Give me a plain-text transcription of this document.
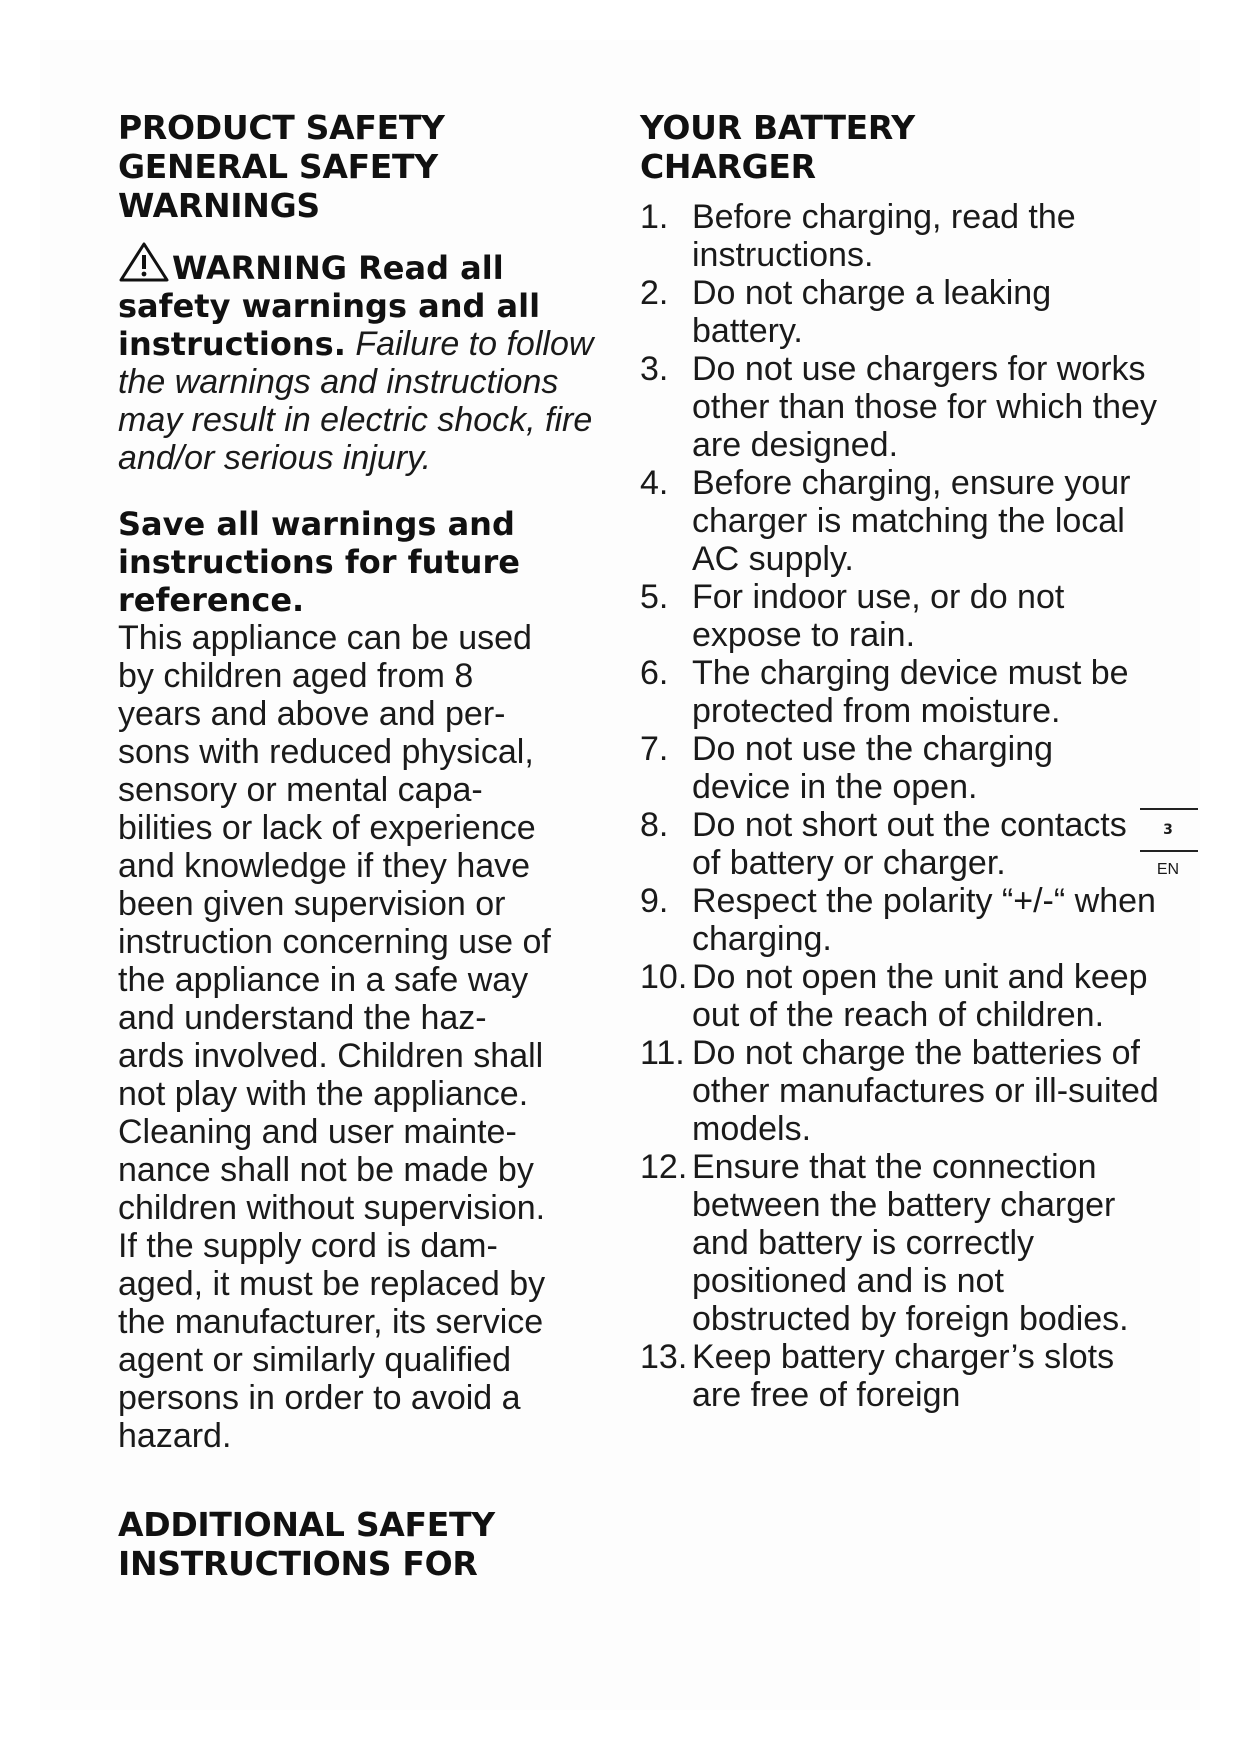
PRODUCT SAFETY
GENERAL SAFETY
WARNINGS
WARNING Read all safety warnings and all instructions. Failure to follow the warnings and instructions may result in electric shock, fire and/or serious injury.
Save all warnings and instructions for future reference.
This appliance can be used
by children aged from 8
years and above and per-
sons with reduced physical,
sensory or mental capa-
bilities or lack of experience
and knowledge if they have
been given supervision or
instruction concerning use of
the appliance in a safe way
and understand the haz-
ards involved. Children shall
not play with the appliance.
Cleaning and user mainte-
nance shall not be made by
children without supervision.
If the supply cord is dam-
aged, it must be replaced by
the manufacturer, its service
agent or similarly qualified
persons in order to avoid a
hazard.
ADDITIONAL SAFETY
INSTRUCTIONS FOR
YOUR BATTERY
CHARGER
1. Before charging, read the instructions.
2. Do not charge a leaking battery.
3. Do not use chargers for works other than those for which they are designed.
4. Before charging, ensure your charger is matching the local AC supply.
5. For indoor use, or do not expose to rain.
6. The charging device must be protected from moisture.
7. Do not use the charging device in the open.
8. Do not short out the contacts of battery or charger.
9. Respect the polarity “+/-“ when charging.
10. Do not open the unit and keep out of the reach of children.
11. Do not charge the batteries of other manufactures or ill-suited models.
12. Ensure that the connection between the battery charger and battery is correctly positioned and is not obstructed by foreign bodies.
13. Keep battery charger’s slots are free of foreign
3
EN
